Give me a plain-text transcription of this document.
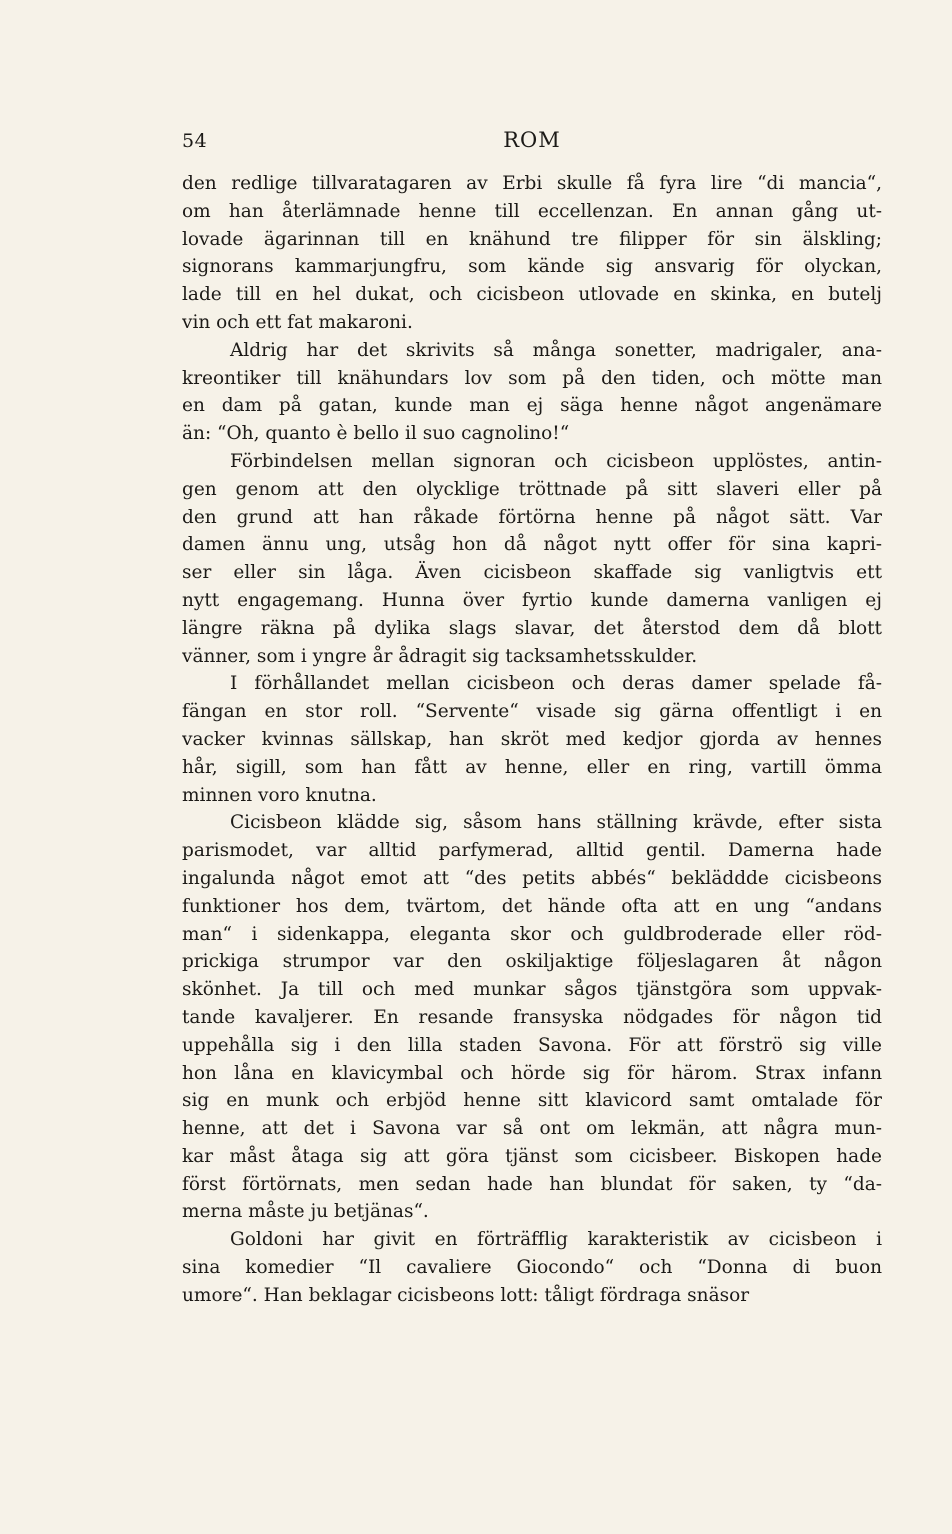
54	ROM

den redlige tillvaratagaren av Erbi skulle få fyra lire “di mancia“,
om han återlämnade henne till eccellenzan. En annan gång ut-
lovade ägarinnan till en knähund tre filipper för sin älskling;
signorans kammarjungfru, som kände sig ansvarig för olyckan,
lade till en hel dukat, och cicisbeon utlovade en skinka, en butelj
vin och ett fat makaroni.

Aldrig har det skrivits så många sonetter, madrigaler, ana-
kreontiker till knähundars lov som på den tiden, och mötte man
en dam på gatan, kunde man ej säga henne något angenämare
än: “Oh, quanto è bello il suo cagnolino!“

Förbindelsen mellan signoran och cicisbeon upplöstes, antin-
gen genom att den olycklige tröttnade på sitt slaveri eller på
den grund att han råkade förtörna henne på något sätt. Var
damen ännu ung, utsåg hon då något nytt offer för sina kapri-
ser eller sin låga. Även cicisbeon skaffade sig vanligtvis ett
nytt engagemang. Hunna över fyrtio kunde damerna vanligen ej
längre räkna på dylika slags slavar, det återstod dem då blott
vänner, som i yngre år ådragit sig tacksamhetsskulder.

I förhållandet mellan cicisbeon och deras damer spelade få-
fängan en stor roll. “Servente“ visade sig gärna offentligt i en
vacker kvinnas sällskap, han skröt med kedjor gjorda av hennes
hår, sigill, som han fått av henne, eller en ring, vartill ömma
minnen voro knutna.

Cicisbeon klädde sig, såsom hans ställning krävde, efter sista
parismodet, var alltid parfymerad, alltid gentil. Damerna hade
ingalunda något emot att “des petits abbés“ bekläddde cicisbeons
funktioner hos dem, tvärtom, det hände ofta att en ung “andans
man“ i sidenkappa, eleganta skor och guldbroderade eller röd-
prickiga strumpor var den oskiljaktige följeslagaren åt någon
skönhet. Ja till och med munkar sågos tjänstgöra som uppvak-
tande kavaljerer. En resande fransyska nödgades för någon tid
uppehålla sig i den lilla staden Savona. För att förströ sig ville
hon låna en klavicymbal och hörde sig för härom. Strax infann
sig en munk och erbjöd henne sitt klavicord samt omtalade för
henne, att det i Savona var så ont om lekmän, att några mun-
kar måst åtaga sig att göra tjänst som cicisbeer. Biskopen hade
först förtörnats, men sedan hade han blundat för saken, ty “da-
merna måste ju betjänas“.

Goldoni har givit en förträfflig karakteristik av cicisbeon i
sina komedier “Il cavaliere Giocondo“ och “Donna di buon
umore“. Han beklagar cicisbeons lott: tåligt fördraga snäsor
